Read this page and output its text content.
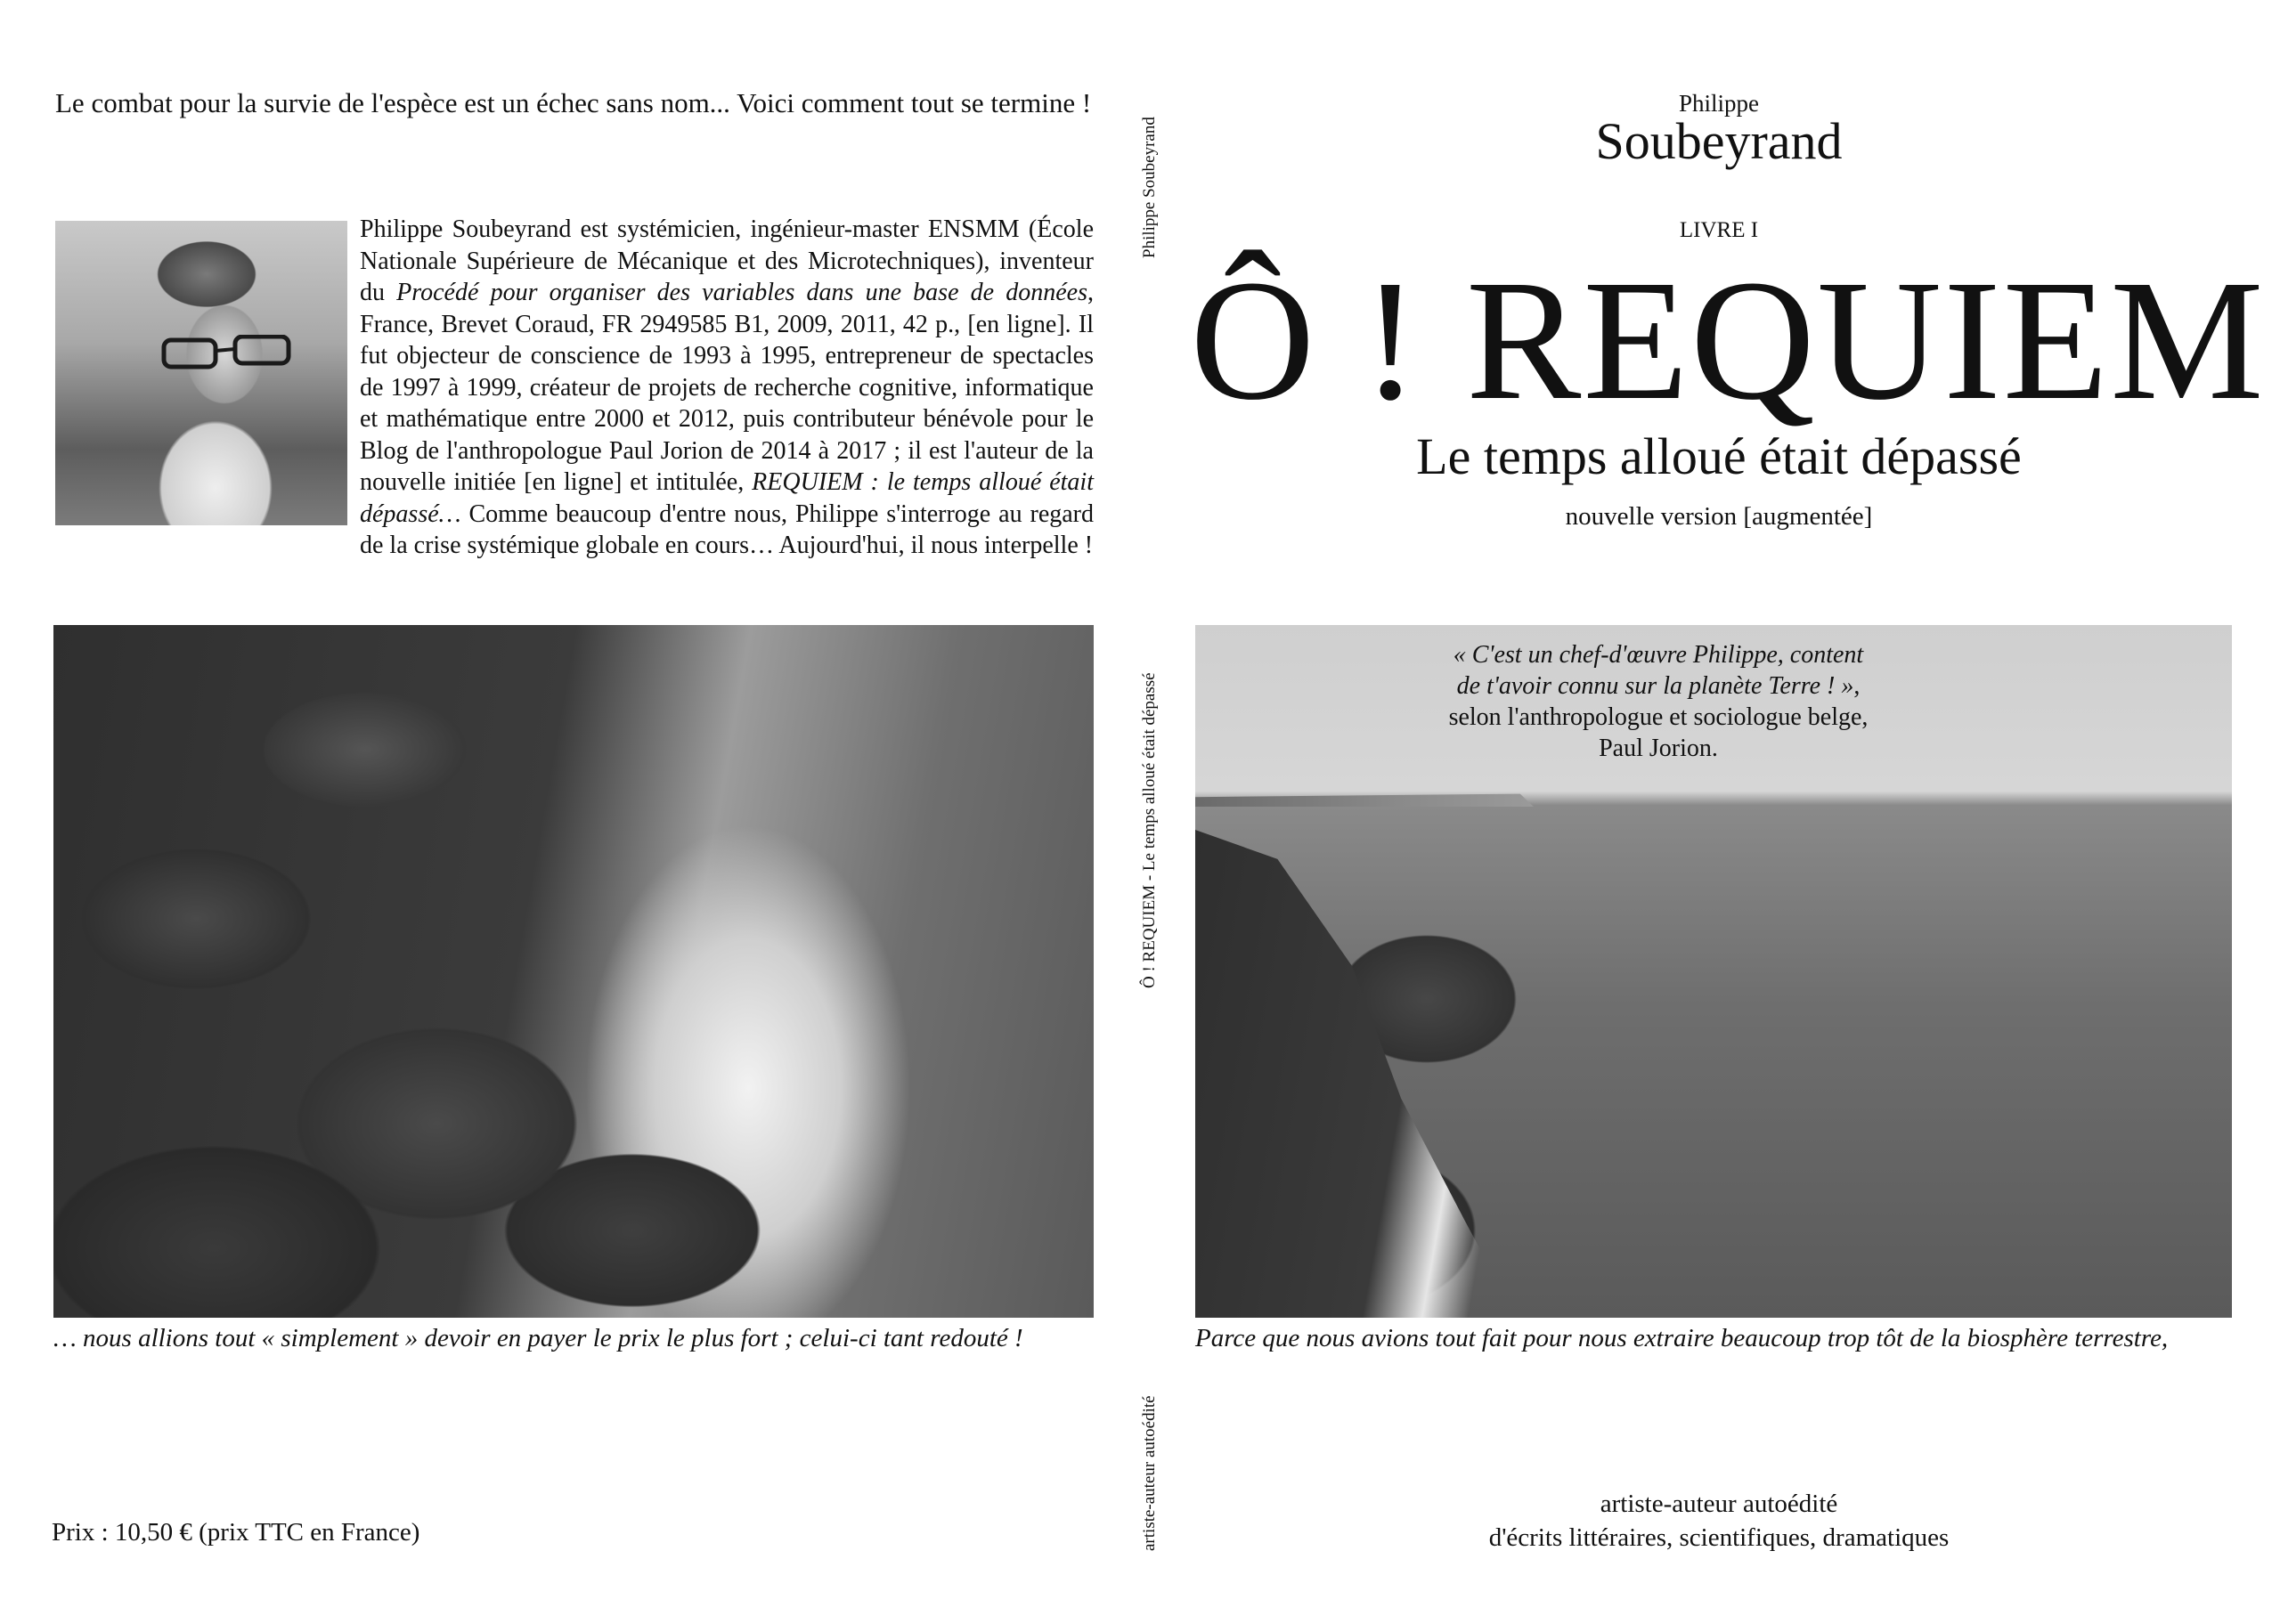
Le combat pour la survie de l'espèce est un échec sans nom... Voici comment tout se termine !
Philippe Soubeyrand est systémicien, ingénieur-master ENSMM (École Nationale Supérieure de Mécanique et des Microtechniques), inventeur du Procédé pour organiser des variables dans une base de données, France, Brevet Coraud, FR 2949585 B1, 2009, 2011, 42 p., [en ligne]. Il fut objecteur de conscience de 1993 à 1995, entrepreneur de spectacles de 1997 à 1999, créateur de projets de recherche cognitive, informatique et mathématique entre 2000 et 2012, puis contributeur bénévole pour le Blog de l'anthropologue Paul Jorion de 2014 à 2017 ; il est l'auteur de la nouvelle initiée [en ligne] et intitulée, REQUIEM : le temps alloué était dépassé… Comme beaucoup d'entre nous, Philippe s'interroge au regard de la crise systémique globale en cours… Aujourd'hui, il nous interpelle !
… nous allions tout « simplement » devoir en payer le prix le plus fort ; celui-ci tant redouté !
Prix : 10,50 € (prix TTC en France)
Philippe Soubeyrand
Ô ! REQUIEM - Le temps alloué était dépassé
artiste-auteur autoédité
Philippe
Soubeyrand
LIVRE I
Ô ! REQUIEM
Le temps alloué était dépassé
nouvelle version [augmentée]
« C'est un chef-d'œuvre Philippe, content
de t'avoir connu sur la planète Terre ! »,
selon l'anthropologue et sociologue belge,
Paul Jorion.
Parce que nous avions tout fait pour nous extraire beaucoup trop tôt de la biosphère terrestre,
artiste-auteur autoédité
d'écrits littéraires, scientifiques, dramatiques
